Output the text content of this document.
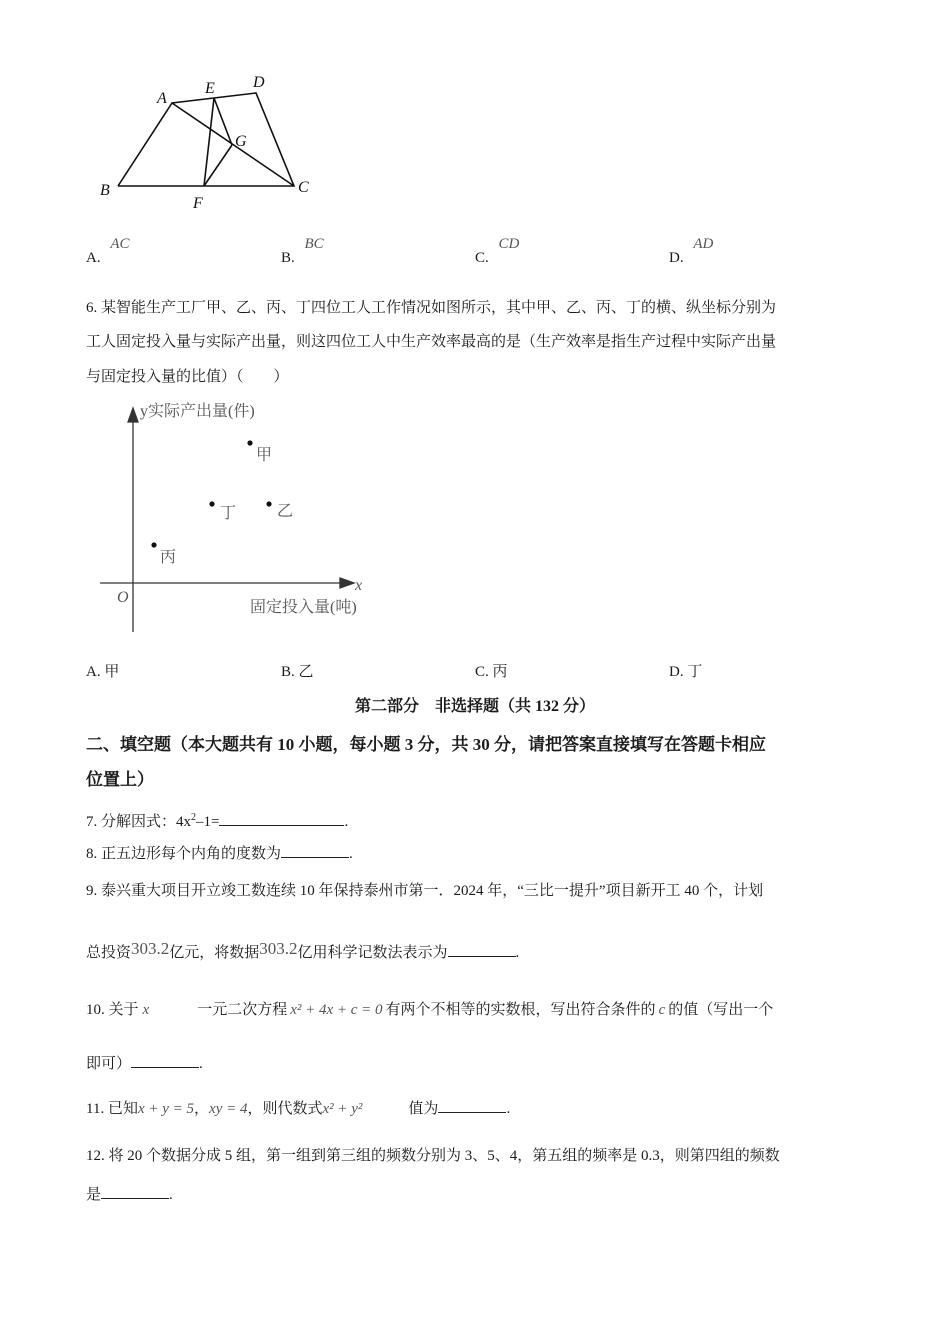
A
E D
G
B
F
C
A. AC
B. BC
C. CD
D. AD
6. 某智能生产工厂甲、乙、丙、丁四位工人工作情况如图所示，其中甲、乙、丙、丁的横、纵坐标分别为
工人固定投入量与实际产出量，则这四位工人中生产效率最高的是（生产效率是指生产过程中实际产出量
与固定投入量的比值）（　　）
y实际产出量(件)
x
固定投入量(吨)
O
甲
乙
丙
丁
A. 甲	B. 乙	C. 丙	D. 丁
第二部分　非选择题（共 132 分）
二、填空题（本大题共有 10 小题，每小题 3 分，共 30 分，请把答案直接填写在答题卡相应
位置上）
7. 分解因式：$4x^2-1=$	.
8. 正五边形每个内角的度数为	.
9. 泰兴重大项目开立竣工数连续 10 年保持泰州市第一．2024 年，“三比一提升”项目新开工 40 个，计划
总投资303.2亿元，将数据303.2亿用科学记数法表示为	.
10. 关于 x	一元二次方程 x² + 4x + c = 0 有两个不相等的实数根，写出符合条件的 c 的值（写出一个
即可）	.
11. 已知x + y = 5，xy = 4，则代数式x² + y²	值为	.
12. 将 20 个数据分成 5 组，第一组到第三组的频数分别为 3、5、4，第五组的频率是 0.3，则第四组的频数
是	.
